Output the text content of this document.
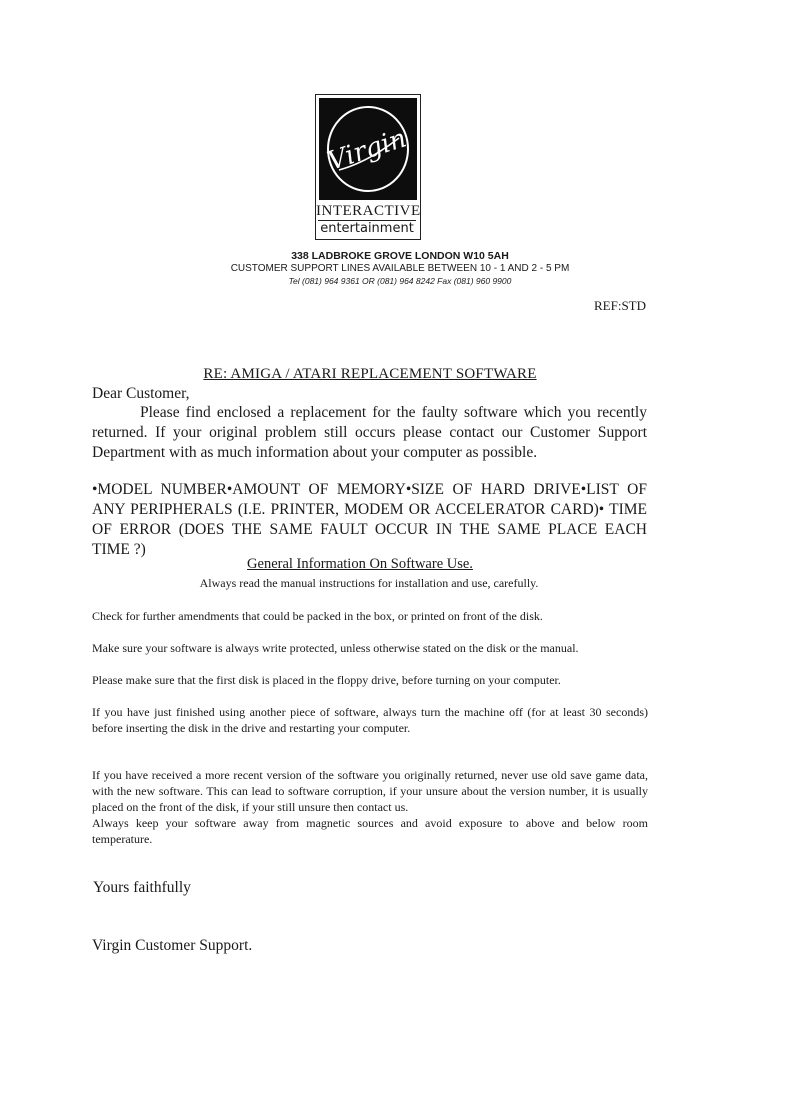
Virgin
INTERACTIVE
entertainment

338 LADBROKE GROVE LONDON W10 5AH

CUSTOMER SUPPORT LINES AVAILABLE BETWEEN 10 - 1 AND 2 - 5 PM

Tel (081) 964 9361 OR (081) 964 8242 Fax (081) 960 9900

REF:STD
RE: AMIGA / ATARI REPLACEMENT SOFTWARE
Dear Customer,

Please find enclosed a replacement for the faulty software which you recently returned. If your original problem still occurs please contact our Customer Support Department with as much information about your computer as possible.

•MODEL NUMBER•AMOUNT OF MEMORY•SIZE OF HARD DRIVE•LIST OF ANY PERIPHERALS (I.E. PRINTER, MODEM OR ACCELERATOR CARD)• TIME OF ERROR (DOES THE SAME FAULT OCCUR IN THE SAME PLACE EACH TIME ?)

General Information On Software Use.
Always read the manual instructions for installation and use, carefully.

Check for further amendments that could be packed in the box, or printed on front of the disk.

Make sure your software is always write protected, unless otherwise stated on the disk or the manual.

Please make sure that the first disk is placed in the floppy drive, before turning on your computer.

If you have just finished using another piece of software, always turn the machine off (for at least 30 seconds) before inserting the disk in the drive and restarting your computer.

If you have received a more recent version of the software you originally returned, never use old save game data, with the new software. This can lead to software corruption, if your unsure about the version number, it is usually placed on the front of the disk, if your still unsure then contact us.

Always keep your software away from magnetic sources and avoid exposure to above and below room temperature.

Yours faithfully
Virgin Customer Support.
